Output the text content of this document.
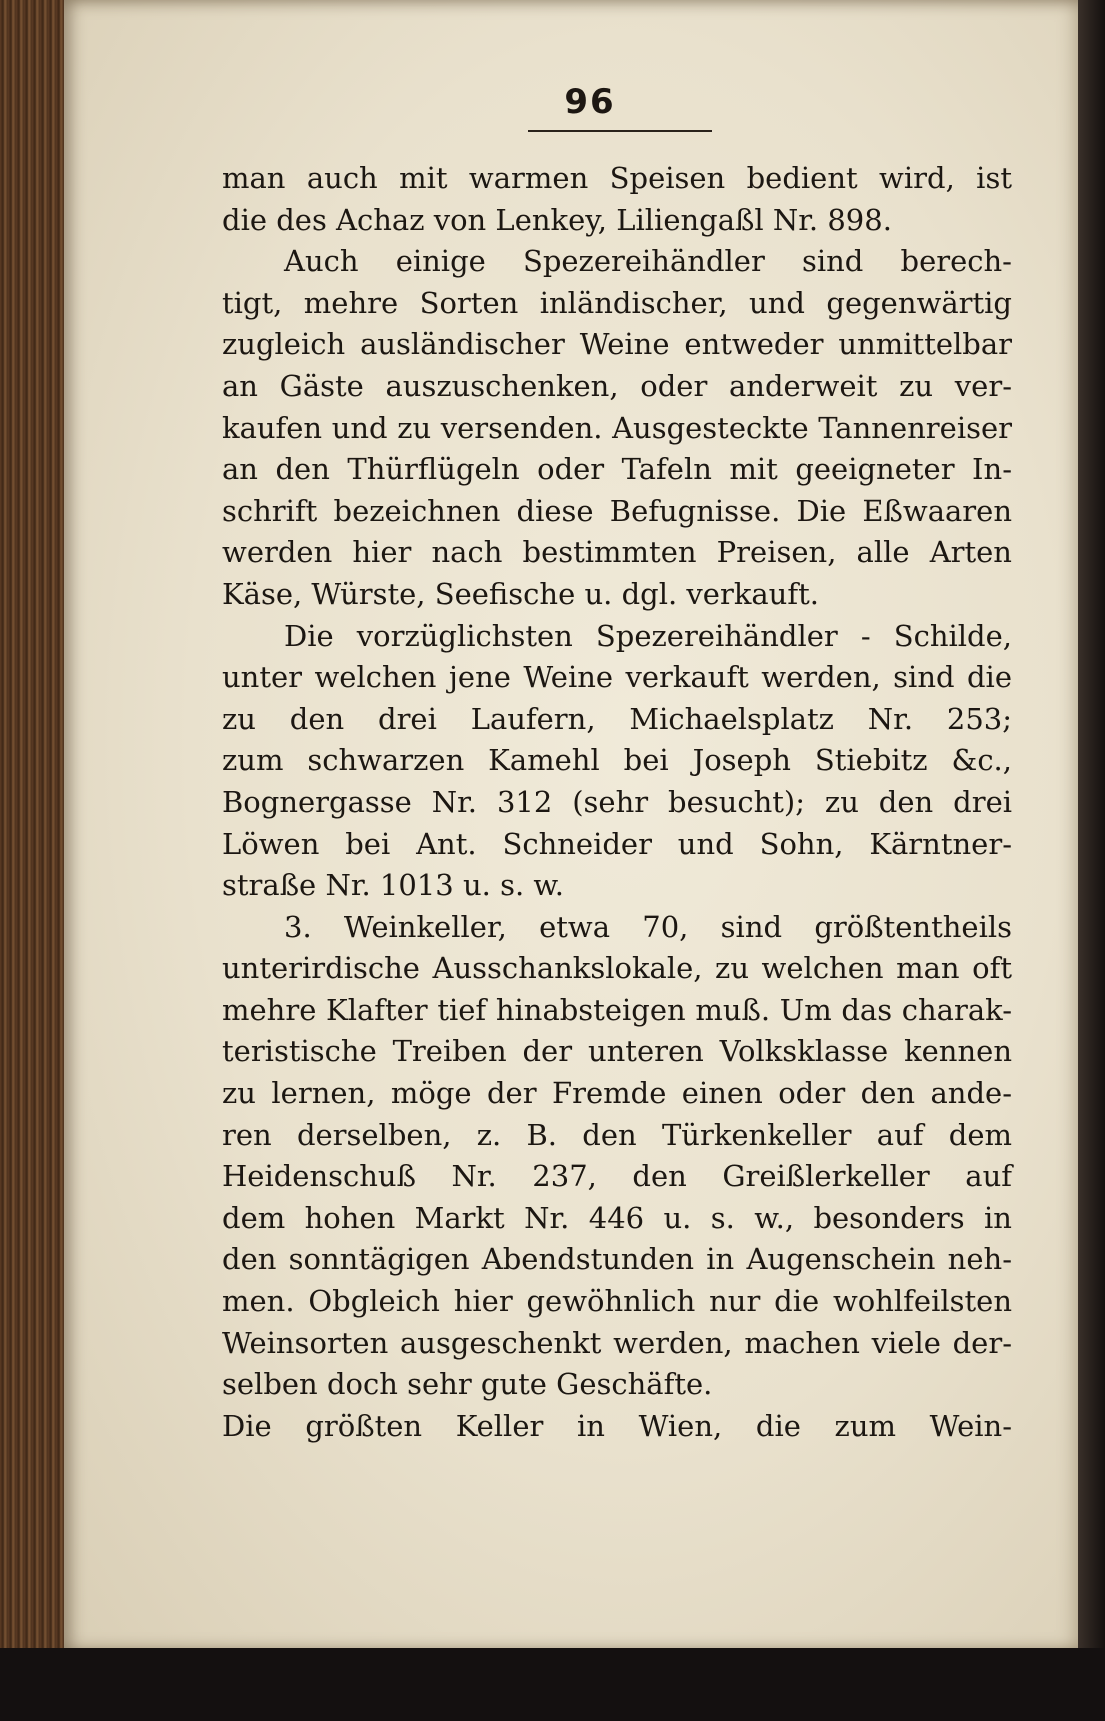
96
man auch mit warmen Speisen bedient wird, ist
die des Achaz von Lenkey, Liliengaßl Nr. 898.
Auch einige Spezereihändler sind berech-
tigt, mehre Sorten inländischer, und gegenwärtig
zugleich ausländischer Weine entweder unmittelbar
an Gäste auszuschenken, oder anderweit zu ver-
kaufen und zu versenden. Ausgesteckte Tannenreiser
an den Thürflügeln oder Tafeln mit geeigneter In-
schrift bezeichnen diese Befugnisse. Die Eßwaaren
werden hier nach bestimmten Preisen, alle Arten
Käse, Würste, Seefische u. dgl. verkauft.
Die vorzüglichsten Spezereihändler - Schilde,
unter welchen jene Weine verkauft werden, sind die
zu den drei Laufern, Michaelsplatz Nr. 253;
zum schwarzen Kamehl bei Joseph Stiebitz &c.,
Bognergasse Nr. 312 (sehr besucht); zu den drei
Löwen bei Ant. Schneider und Sohn, Kärntner-
straße Nr. 1013 u. s. w.
3. Weinkeller, etwa 70, sind größtentheils
unterirdische Ausschankslokale, zu welchen man oft
mehre Klafter tief hinabsteigen muß. Um das charak-
teristische Treiben der unteren Volksklasse kennen
zu lernen, möge der Fremde einen oder den ande-
ren derselben, z. B. den Türkenkeller auf dem
Heidenschuß Nr. 237, den Greißlerkeller auf
dem hohen Markt Nr. 446 u. s. w., besonders in
den sonntägigen Abendstunden in Augenschein neh-
men. Obgleich hier gewöhnlich nur die wohlfeilsten
Weinsorten ausgeschenkt werden, machen viele der-
selben doch sehr gute Geschäfte.
Die größten Keller in Wien, die zum Wein-
